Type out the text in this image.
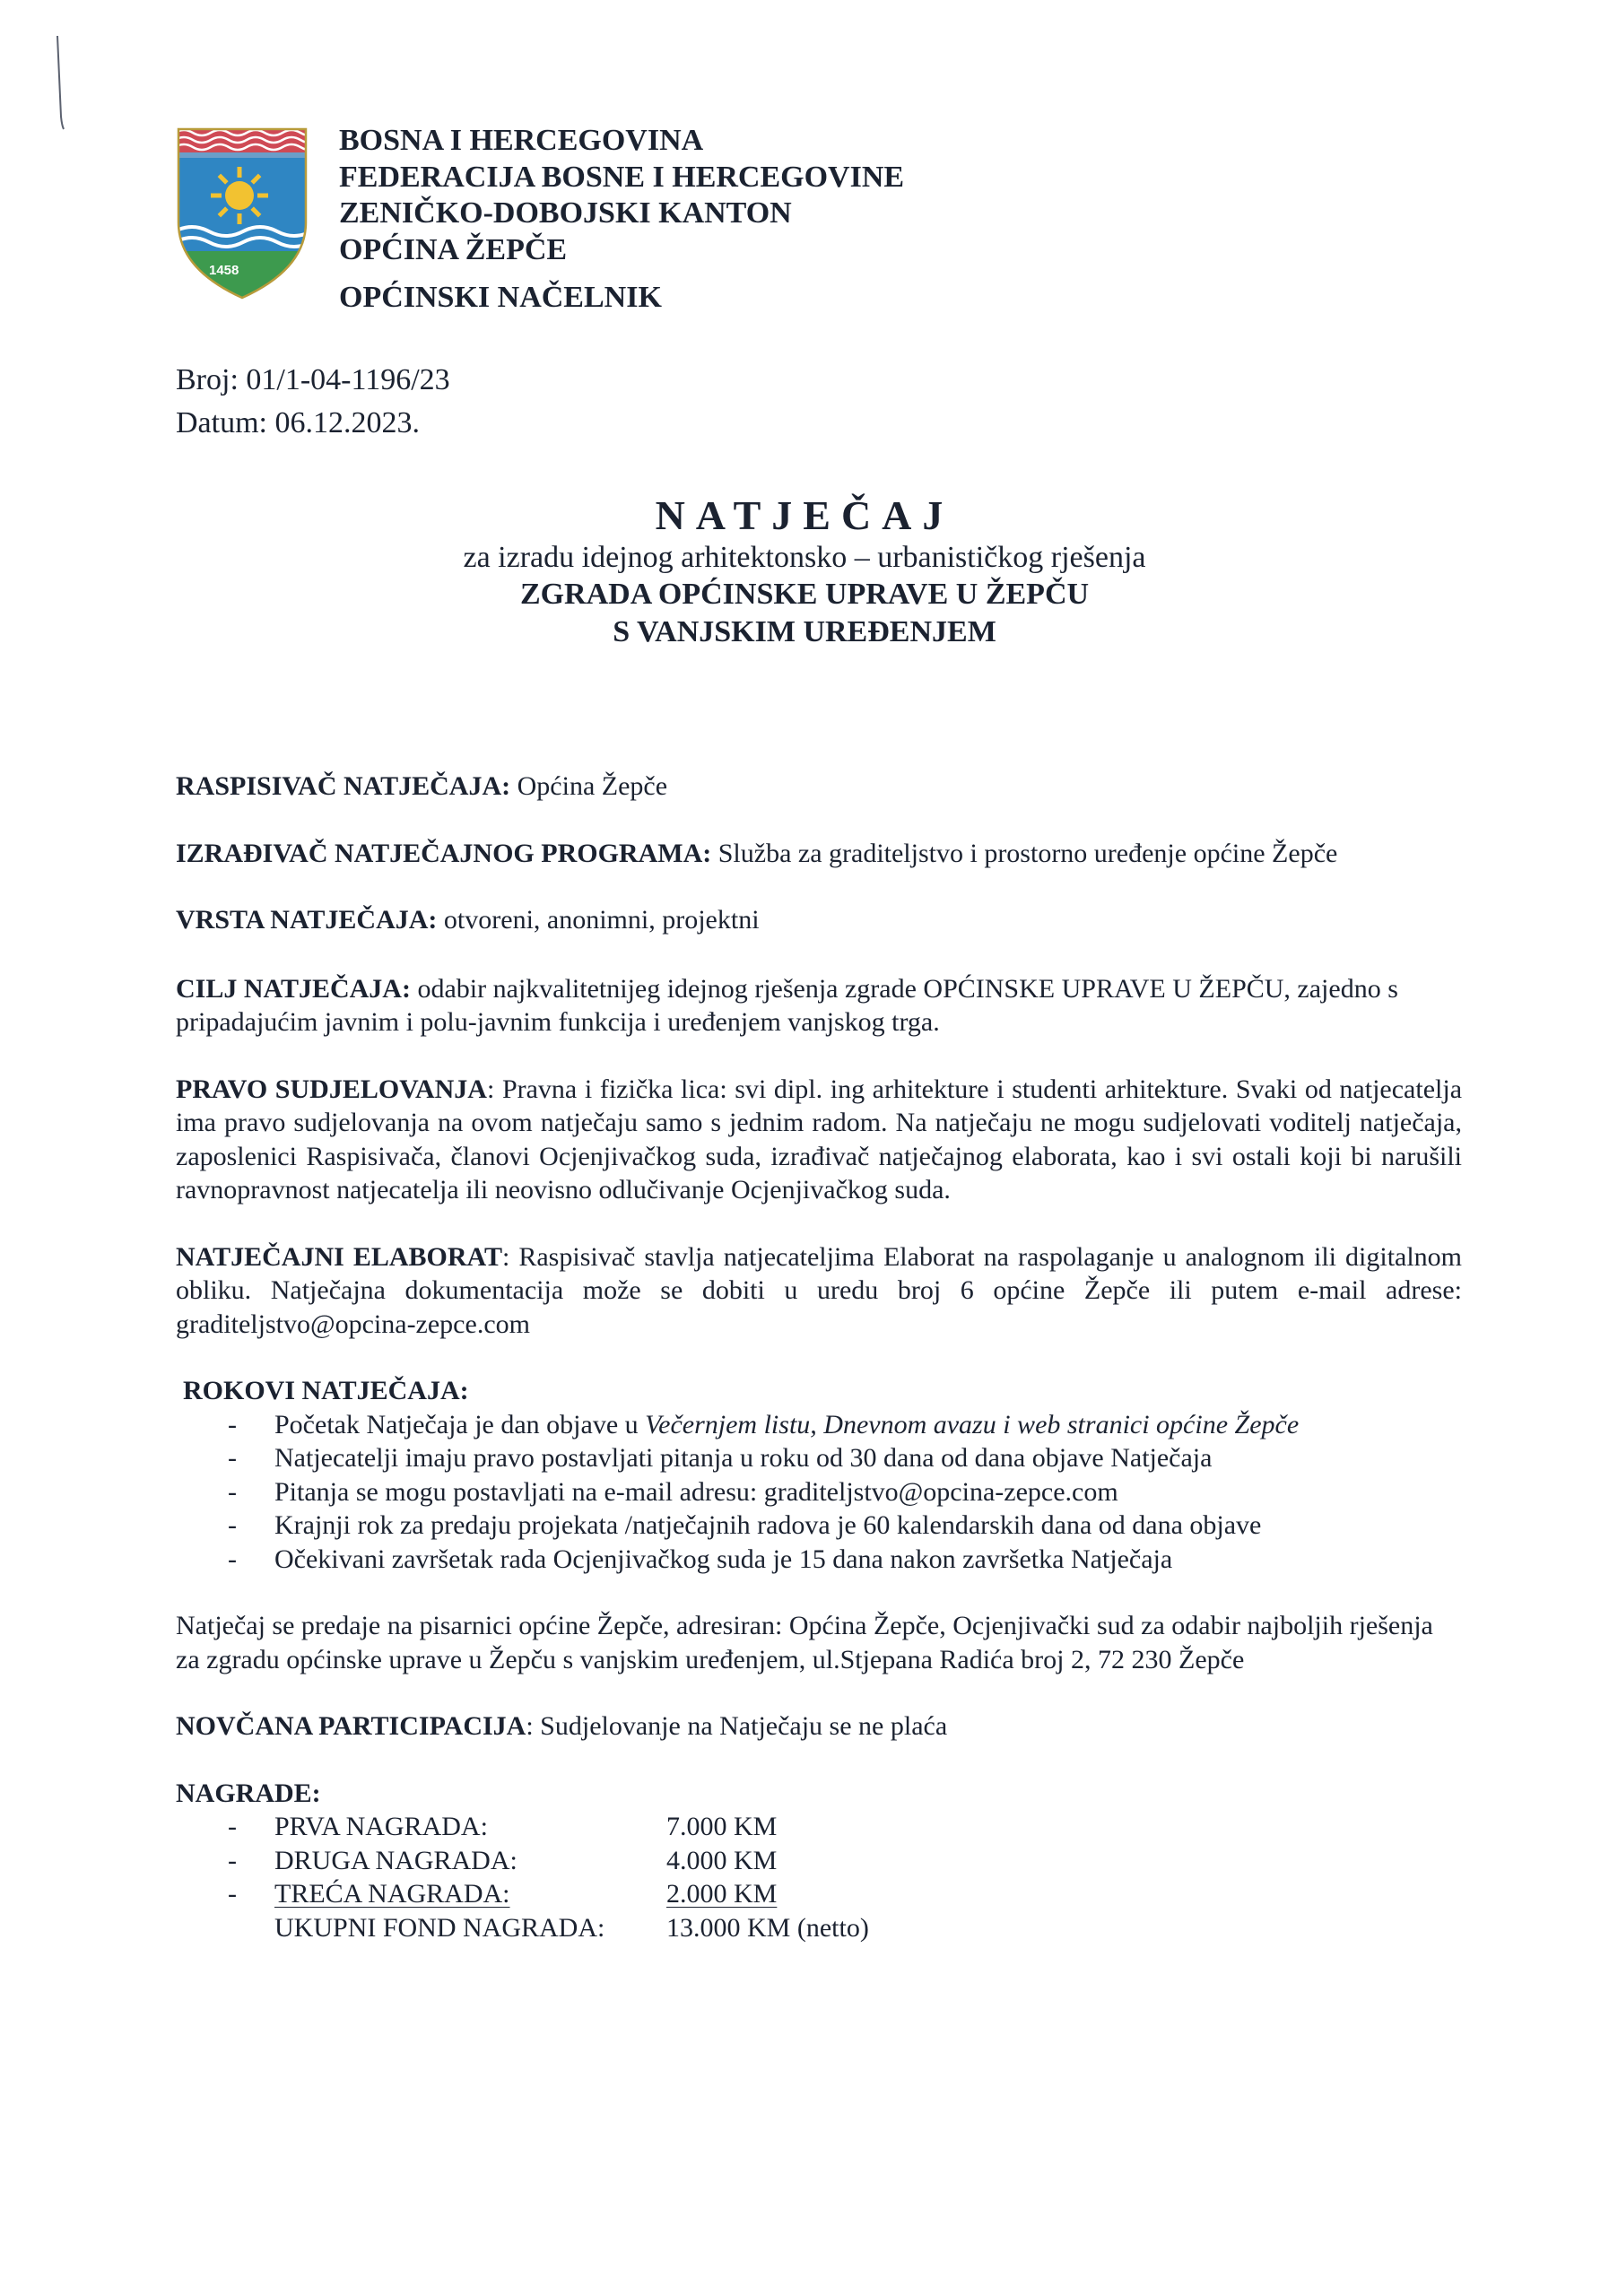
1458
BOSNA I HERCEGOVINA
FEDERACIJA BOSNE I HERCEGOVINE
ZENIČKO-DOBOJSKI KANTON
OPĆINA ŽEPČE
OPĆINSKI NAČELNIK
Broj: 01/1-04-1196/23
Datum: 06.12.2023.
NATJEČAJ
za izradu idejnog arhitektonsko – urbanističkog rješenja
ZGRADA OPĆINSKE UPRAVE U ŽEPČU
S VANJSKIM UREĐENJEM

RASPISIVAČ NATJEČAJA: Općina Žepče

IZRAĐIVAČ NATJEČAJNOG PROGRAMA: Služba za graditeljstvo i prostorno uređenje općine Žepče

VRSTA NATJEČAJA: otvoreni, anonimni, projektni

CILJ NATJEČAJA: odabir najkvalitetnijeg idejnog rješenja zgrade OPĆINSKE UPRAVE U ŽEPČU, zajedno s pripadajućim javnim i polu-javnim funkcija i uređenjem vanjskog trga.

PRAVO SUDJELOVANJA: Pravna i fizička lica: svi dipl. ing arhitekture i studenti arhitekture. Svaki od natjecatelja ima pravo sudjelovanja na ovom natječaju samo s jednim radom. Na natječaju ne mogu sudjelovati voditelj natječaja, zaposlenici Raspisivača, članovi Ocjenjivačkog suda, izrađivač natječajnog elaborata, kao i svi ostali koji bi narušili ravnopravnost natjecatelja ili neovisno odlučivanje Ocjenjivačkog suda.

NATJEČAJNI ELABORAT: Raspisivač stavlja natjecateljima Elaborat na raspolaganje u analognom ili digitalnom obliku. Natječajna dokumentacija može se dobiti u uredu broj 6 općine Žepče ili putem e-mail adrese: graditeljstvo@opcina-zepce.com

ROKOVI NATJEČAJA:

- Početak Natječaja je dan objave u Večernjem listu, Dnevnom avazu i web stranici općine Žepče
- Natjecatelji imaju pravo postavljati pitanja u roku od 30 dana od dana objave Natječaja
- Pitanja se mogu postavljati na e-mail adresu: graditeljstvo@opcina-zepce.com
- Krajnji rok za predaju projekata /natječajnih radova je 60 kalendarskih dana od dana objave
- Očekivani završetak rada Ocjenjivačkog suda je 15 dana nakon završetka Natječaja

Natječaj se predaje na pisarnici općine Žepče, adresiran: Općina Žepče, Ocjenjivački sud za odabir najboljih rješenja za zgradu općinske uprave u Žepču s vanjskim uređenjem, ul.Stjepana Radića broj 2, 72 230 Žepče

NOVČANA PARTICIPACIJA: Sudjelovanje na Natječaju se ne plaća

NAGRADE:

- PRVA NAGRADA:	7.000 KM
- DRUGA NAGRADA:	4.000 KM
- TREĆA NAGRADA:	2.000 KM
UKUPNI FOND NAGRADA:	13.000 KM (netto)
